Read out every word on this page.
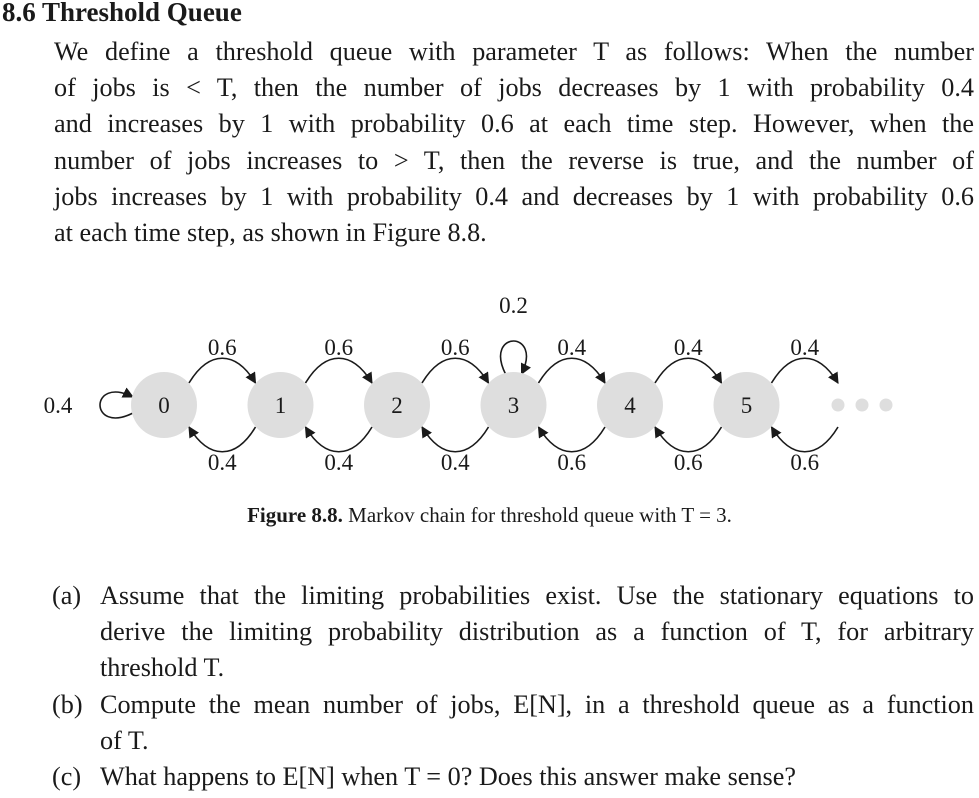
8.6 Threshold Queue
We define a threshold queue with parameter T as follows: When the number
of jobs is < T, then the number of jobs decreases by 1 with probability 0.4
and increases by 1 with probability 0.6 at each time step. However, when the
number of jobs increases to > T, then the reverse is true, and the number of
jobs increases by 1 with probability 0.4 and decreases by 1 with probability 0.6
at each time step, as shown in Figure 8.8.
0.6	0.6	0.6	0.4	0.4	0.4
0.4	0.4	0.4	0.6	0.6	0.6
0.4
0.2
0	1	2	3	4	5
Figure 8.8. Markov chain for threshold queue with T = 3.
(a) Assume that the limiting probabilities exist. Use the stationary equations to
derive the limiting probability distribution as a function of T, for arbitrary
threshold T.
(b) Compute the mean number of jobs, E[N], in a threshold queue as a function
of T.
(c) What happens to E[N] when T = 0? Does this answer make sense?
